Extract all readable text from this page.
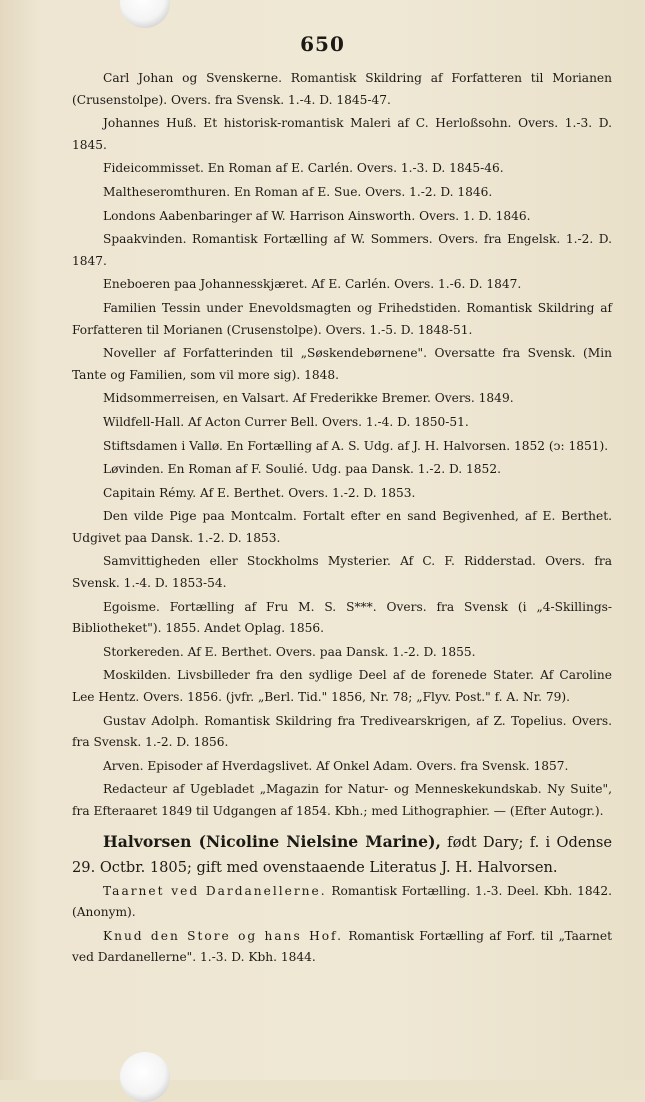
650

Carl Johan og Svenskerne. Romantisk Skildring af Forfatteren til Morianen (Crusenstolpe). Overs. fra Svensk. 1.-4. D. 1845-47.

Johannes Huß. Et historisk-romantisk Maleri af C. Herloßsohn. Overs. 1.-3. D. 1845.

Fideicommisset. En Roman af E. Carlén. Overs. 1.-3. D. 1845-46.

Maltheseromthuren. En Roman af E. Sue. Overs. 1.-2. D. 1846.

Londons Aabenbaringer af W. Harrison Ainsworth. Overs. 1. D. 1846.

Spaakvinden. Romantisk Fortælling af W. Sommers. Overs. fra Engelsk. 1.-2. D. 1847.

Eneboeren paa Johannesskjæret. Af E. Carlén. Overs. 1.-6. D. 1847.

Familien Tessin under Enevoldsmagten og Frihedstiden. Romantisk Skildring af Forfatteren til Morianen (Crusenstolpe). Overs. 1.-5. D. 1848-51.

Noveller af Forfatterinden til „Søskendebørnene". Oversatte fra Svensk. (Min Tante og Familien, som vil more sig). 1848.

Midsommerreisen, en Valsart. Af Frederikke Bremer. Overs. 1849.

Wildfell-Hall. Af Acton Currer Bell. Overs. 1.-4. D. 1850-51.

Stiftsdamen i Vallø. En Fortælling af A. S. Udg. af J. H. Halvorsen. 1852 (ↄ: 1851).

Løvinden. En Roman af F. Soulié. Udg. paa Dansk. 1.-2. D. 1852.

Capitain Rémy. Af E. Berthet. Overs. 1.-2. D. 1853.

Den vilde Pige paa Montcalm. Fortalt efter en sand Begivenhed, af E. Berthet. Udgivet paa Dansk. 1.-2. D. 1853.

Samvittigheden eller Stockholms Mysterier. Af C. F. Ridderstad. Overs. fra Svensk. 1.-4. D. 1853-54.

Egoisme. Fortælling af Fru M. S. S***. Overs. fra Svensk (i „4-Skillings-Bibliotheket"). 1855. Andet Oplag. 1856.

Storkereden. Af E. Berthet. Overs. paa Dansk. 1.-2. D. 1855.

Moskilden. Livsbilleder fra den sydlige Deel af de forenede Stater. Af Caroline Lee Hentz. Overs. 1856. (jvfr. „Berl. Tid." 1856, Nr. 78; „Flyv. Post." f. A. Nr. 79).

Gustav Adolph. Romantisk Skildring fra Tredivearskrigen, af Z. Topelius. Overs. fra Svensk. 1.-2. D. 1856.

Arven. Episoder af Hverdagslivet. Af Onkel Adam. Overs. fra Svensk. 1857.

Redacteur af Ugebladet „Magazin for Natur- og Menneskekundskab. Ny Suite", fra Efteraaret 1849 til Udgangen af 1854. Kbh.; med Lithographier. — (Efter Autogr.).

Halvorsen (Nicoline Nielsine Marine), født Dary; f. i Odense 29. Octbr. 1805; gift med ovenstaaende Literatus J. H. Halvorsen.

Taarnet ved Dardanellerne. Romantisk Fortælling. 1.-3. Deel. Kbh. 1842. (Anonym).

Knud den Store og hans Hof. Romantisk Fortælling af Forf. til „Taarnet ved Dardanellerne". 1.-3. D. Kbh. 1844.
